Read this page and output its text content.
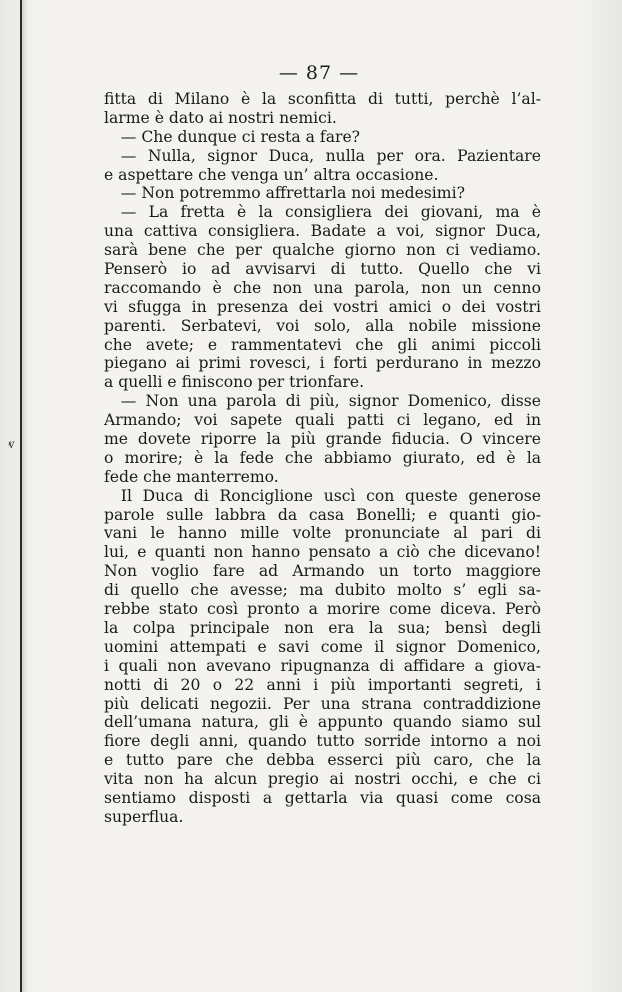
— 87 —
ⱴ
fitta di Milano è la sconfitta di tutti, perchè l’al-
larme è dato ai nostri nemici.
— Che dunque ci resta a fare?
— Nulla, signor Duca, nulla per ora. Pazientare
e aspettare che venga un’ altra occasione.
— Non potremmo affrettarla noi medesimi?
— La fretta è la consigliera dei giovani, ma è
una cattiva consigliera. Badate a voi, signor Duca,
sarà bene che per qualche giorno non ci vediamo.
Penserò io ad avvisarvi di tutto. Quello che vi
raccomando è che non una parola, non un cenno
vi sfugga in presenza dei vostri amici o dei vostri
parenti. Serbatevi, voi solo, alla nobile missione
che avete; e rammentatevi che gli animi piccoli
piegano ai primi rovesci, i forti perdurano in mezzo
a quelli e finiscono per trionfare.
— Non una parola di più, signor Domenico, disse
Armando; voi sapete quali patti ci legano, ed in
me dovete riporre la più grande fiducia. O vincere
o morire; è la fede che abbiamo giurato, ed è la
fede che manterremo.
Il Duca di Ronciglione uscì con queste generose
parole sulle labbra da casa Bonelli; e quanti gio-
vani le hanno mille volte pronunciate al pari di
lui, e quanti non hanno pensato a ciò che dicevano!
Non voglio fare ad Armando un torto maggiore
di quello che avesse; ma dubito molto s’ egli sa-
rebbe stato così pronto a morire come diceva. Però
la colpa principale non era la sua; bensì degli
uomini attempati e savi come il signor Domenico,
i quali non avevano ripugnanza di affidare a giova-
notti di 20 o 22 anni i più importanti segreti, i
più delicati negozii. Per una strana contraddizione
dell’umana natura, gli è appunto quando siamo sul
fiore degli anni, quando tutto sorride intorno a noi
e tutto pare che debba esserci più caro, che la
vita non ha alcun pregio ai nostri occhi, e che ci
sentiamo disposti a gettarla via quasi come cosa
superflua.
